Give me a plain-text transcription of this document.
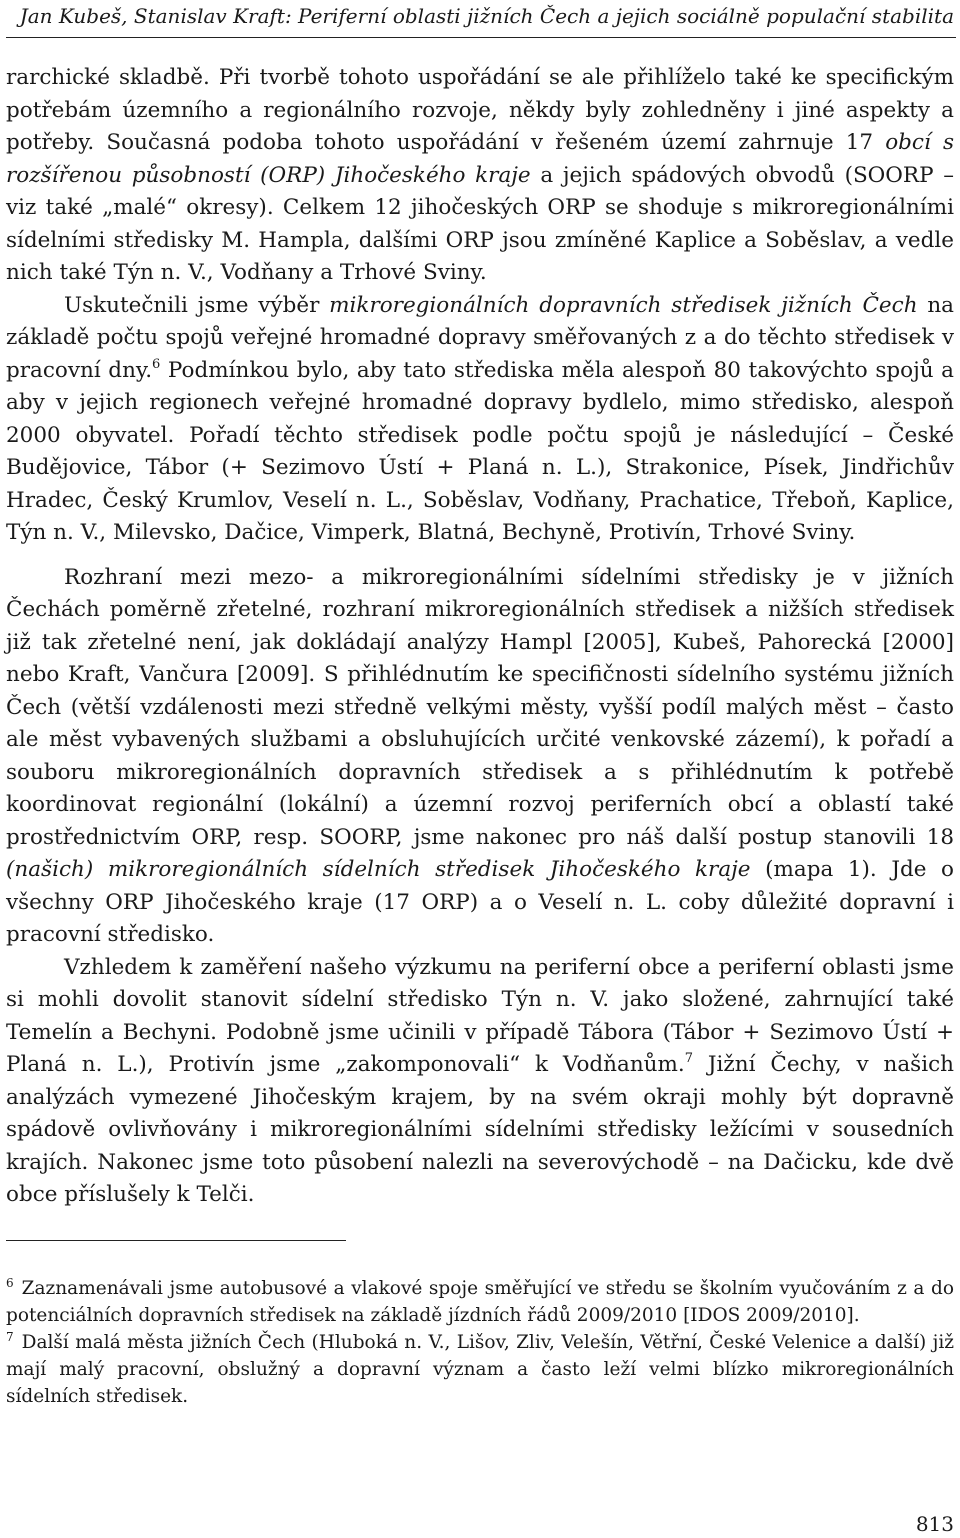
Jan Kubeš, Stanislav Kraft: Periferní oblasti jižních Čech a jejich sociálně populační stabilita

rarchické skladbě. Při tvorbě tohoto uspořádání se ale přihlíželo také ke specifickým potřebám územního a regionálního rozvoje, někdy byly zohledněny i jiné aspekty a potřeby. Současná podoba tohoto uspořádání v řešeném území zahrnuje 17 obcí s rozšířenou působností (ORP) Jihočeského kraje a jejich spádových obvodů (SOORP – viz také „malé“ okresy). Celkem 12 jihočeských ORP se shoduje s mikroregionálními sídelními středisky M. Hampla, dalšími ORP jsou zmíněné Kaplice a Soběslav, a vedle nich také Týn n. V., Vodňany a Trhové Sviny.

Uskutečnili jsme výběr mikroregionálních dopravních středisek jižních Čech na základě počtu spojů veřejné hromadné dopravy směřovaných z a do těchto středisek v pracovní dny.$^6$ Podmínkou bylo, aby tato střediska měla alespoň 80 takovýchto spojů a aby v jejich regionech veřejné hromadné dopravy bydlelo, mimo středisko, alespoň 2000 obyvatel. Pořadí těchto středisek podle počtu spojů je následující – České Budějovice, Tábor (+ Sezimovo Ústí + Planá n. L.), Strakonice, Písek, Jindřichův Hradec, Český Krumlov, Veselí n. L., Soběslav, Vodňany, Prachatice, Třeboň, Kaplice, Týn n. V., Milevsko, Dačice, Vimperk, Blatná, Bechyně, Protivín, Trhové Sviny.

Rozhraní mezi mezo- a mikroregionálními sídelními středisky je v jižních Čechách poměrně zřetelné, rozhraní mikroregionálních středisek a nižších středisek již tak zřetelné není, jak dokládají analýzy Hampl [2005], Kubeš, Pahorecká [2000] nebo Kraft, Vančura [2009]. S přihlédnutím ke specifičnosti sídelního systému jižních Čech (větší vzdálenosti mezi středně velkými městy, vyšší podíl malých měst – často ale měst vybavených službami a obsluhujících určité venkovské zázemí), k pořadí a souboru mikroregionálních dopravních středisek a s přihlédnutím k potřebě koordinovat regionální (lokální) a územní rozvoj periferních obcí a oblastí také prostřednictvím ORP, resp. SOORP, jsme nakonec pro náš další postup stanovili 18 (našich) mikroregionálních sídelních středisek Jihočeského kraje (mapa 1). Jde o všechny ORP Jihočeského kraje (17 ORP) a o Veselí n. L. coby důležité dopravní i pracovní středisko.

Vzhledem k zaměření našeho výzkumu na periferní obce a periferní oblasti jsme si mohli dovolit stanovit sídelní středisko Týn n. V. jako složené, zahrnující také Temelín a Bechyni. Podobně jsme učinili v případě Tábora (Tábor + Sezimovo Ústí + Planá n. L.), Protivín jsme „zakomponovali“ k Vodňanům.$^7$ Jižní Čechy, v našich analýzách vymezené Jihočeským krajem, by na svém okraji mohly být dopravně spádově ovlivňovány i mikroregionálními sídelními středisky ležícími v sousedních krajích. Nakonec jsme toto působení nalezli na severovýchodě – na Dačicku, kde dvě obce příslušely k Telči.

$^6$ Zaznamenávali jsme autobusové a vlakové spoje směřující ve středu se školním vyučováním z a do potenciálních dopravních středisek na základě jízdních řádů 2009/2010 [IDOS 2009/2010].

$^7$ Další malá města jižních Čech (Hluboká n. V., Lišov, Zliv, Velešín, Větřní, České Velenice a další) již mají malý pracovní, obslužný a dopravní význam a často leží velmi blízko mikroregionálních sídelních středisek.

813
